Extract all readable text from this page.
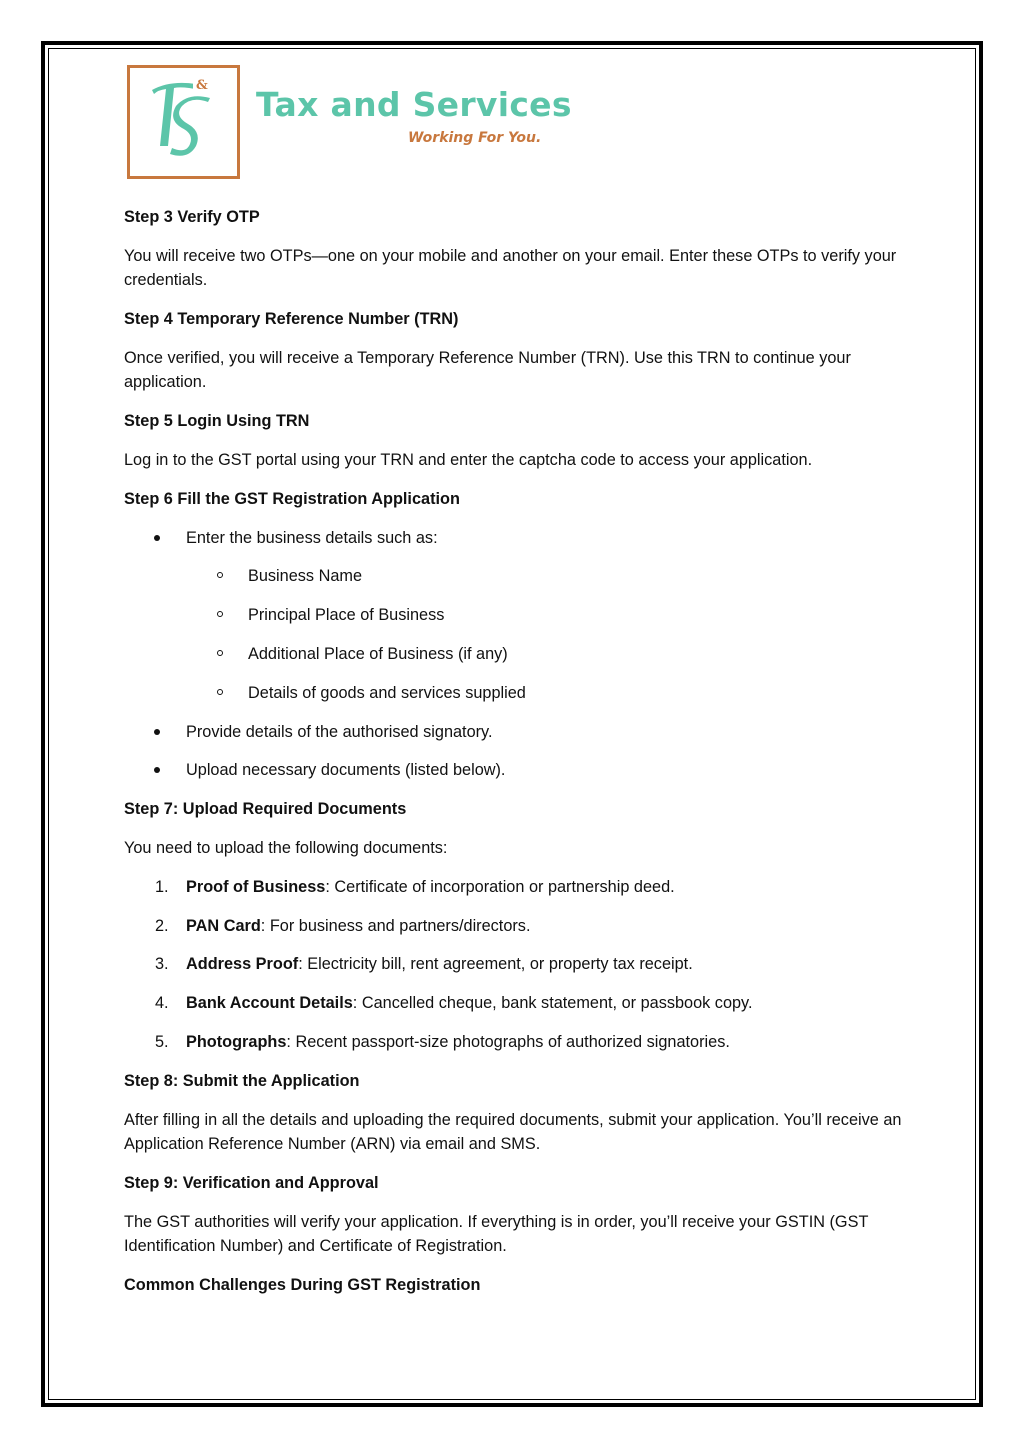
& Tax and Services
Working For You.

Step 3 Verify OTP

You will receive two OTPs—one on your mobile and another on your email. Enter these OTPs to verify your credentials.

Step 4 Temporary Reference Number (TRN)

Once verified, you will receive a Temporary Reference Number (TRN). Use this TRN to continue your application.

Step 5 Login Using TRN

Log in to the GST portal using your TRN and enter the captcha code to access your application.

Step 6 Fill the GST Registration Application

Enter the business details such as:
Business Name
Principal Place of Business
Additional Place of Business (if any)
Details of goods and services supplied
Provide details of the authorised signatory.
Upload necessary documents (listed below).

Step 7: Upload Required Documents

You need to upload the following documents:

1. Proof of Business: Certificate of incorporation or partnership deed.
2. PAN Card: For business and partners/directors.
3. Address Proof: Electricity bill, rent agreement, or property tax receipt.
4. Bank Account Details: Cancelled cheque, bank statement, or passbook copy.
5. Photographs: Recent passport-size photographs of authorized signatories.

Step 8: Submit the Application

After filling in all the details and uploading the required documents, submit your application. You’ll receive an Application Reference Number (ARN) via email and SMS.

Step 9: Verification and Approval

The GST authorities will verify your application. If everything is in order, you’ll receive your GSTIN (GST Identification Number) and Certificate of Registration.

Common Challenges During GST Registration
